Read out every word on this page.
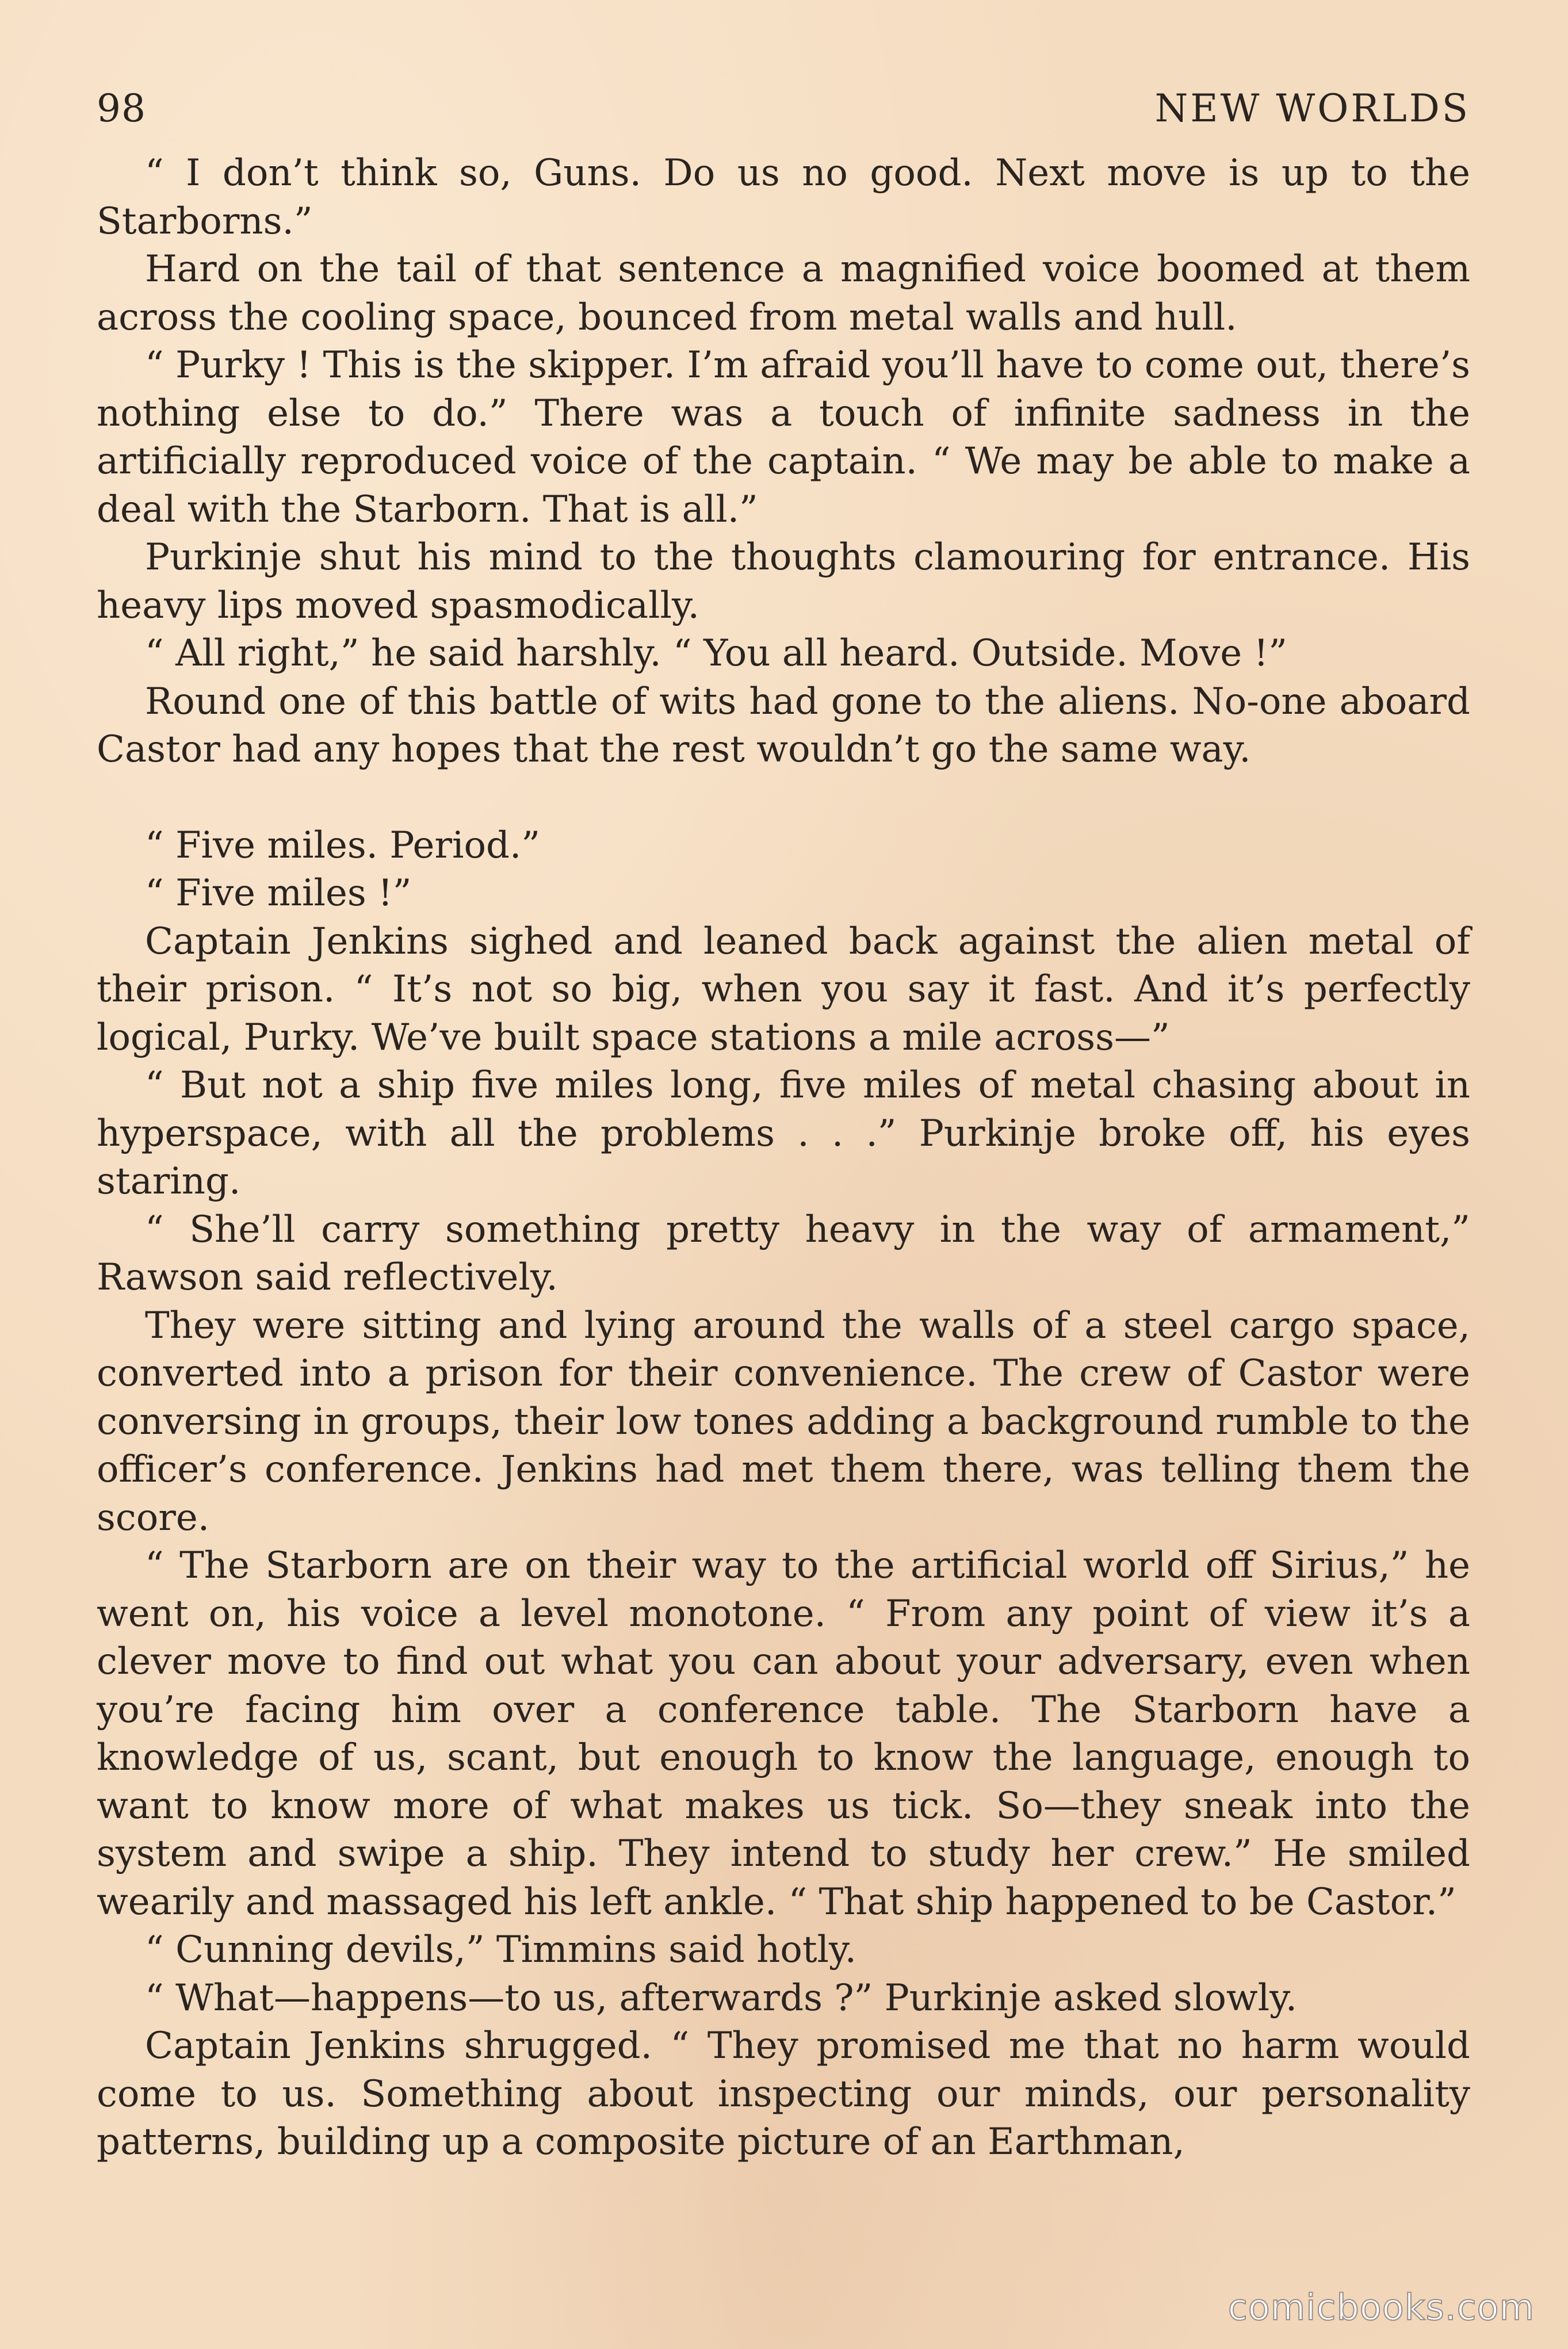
98	NEW WORLDS

“ I don’t think so, Guns. Do us no good. Next move is up to the Starborns.”

Hard on the tail of that sentence a magnified voice boomed at them across the cooling space, bounced from metal walls and hull.

“ Purky ! This is the skipper. I’m afraid you’ll have to come out, there’s nothing else to do.” There was a touch of infinite sadness in the artificially reproduced voice of the captain. “ We may be able to make a deal with the Starborn. That is all.”

Purkinje shut his mind to the thoughts clamouring for entrance. His heavy lips moved spasmodically.

“ All right,” he said harshly. “ You all heard. Outside. Move !”

Round one of this battle of wits had gone to the aliens. No-one aboard Castor had any hopes that the rest wouldn’t go the same way.

“ Five miles. Period.”

“ Five miles !”

Captain Jenkins sighed and leaned back against the alien metal of their prison. “ It’s not so big, when you say it fast. And it’s perfectly logical, Purky. We’ve built space stations a mile across—”

“ But not a ship five miles long, five miles of metal chasing about in hyperspace, with all the problems . . .” Purkinje broke off, his eyes staring.

“ She’ll carry something pretty heavy in the way of armament,” Rawson said reflectively.

They were sitting and lying around the walls of a steel cargo space, converted into a prison for their convenience. The crew of Castor were conversing in groups, their low tones adding a background rumble to the officer’s conference. Jenkins had met them there, was telling them the score.

“ The Starborn are on their way to the artificial world off Sirius,” he went on, his voice a level monotone. “ From any point of view it’s a clever move to find out what you can about your adversary, even when you’re facing him over a conference table. The Starborn have a knowledge of us, scant, but enough to know the language, enough to want to know more of what makes us tick. So—they sneak into the system and swipe a ship. They intend to study her crew.” He smiled wearily and massaged his left ankle. “ That ship happened to be Castor.”

“ Cunning devils,” Timmins said hotly.

“ What—happens—to us, afterwards ?” Purkinje asked slowly.

Captain Jenkins shrugged. “ They promised me that no harm would come to us. Something about inspecting our minds, our personality patterns, building up a composite picture of an Earthman,

comicbooks.com
